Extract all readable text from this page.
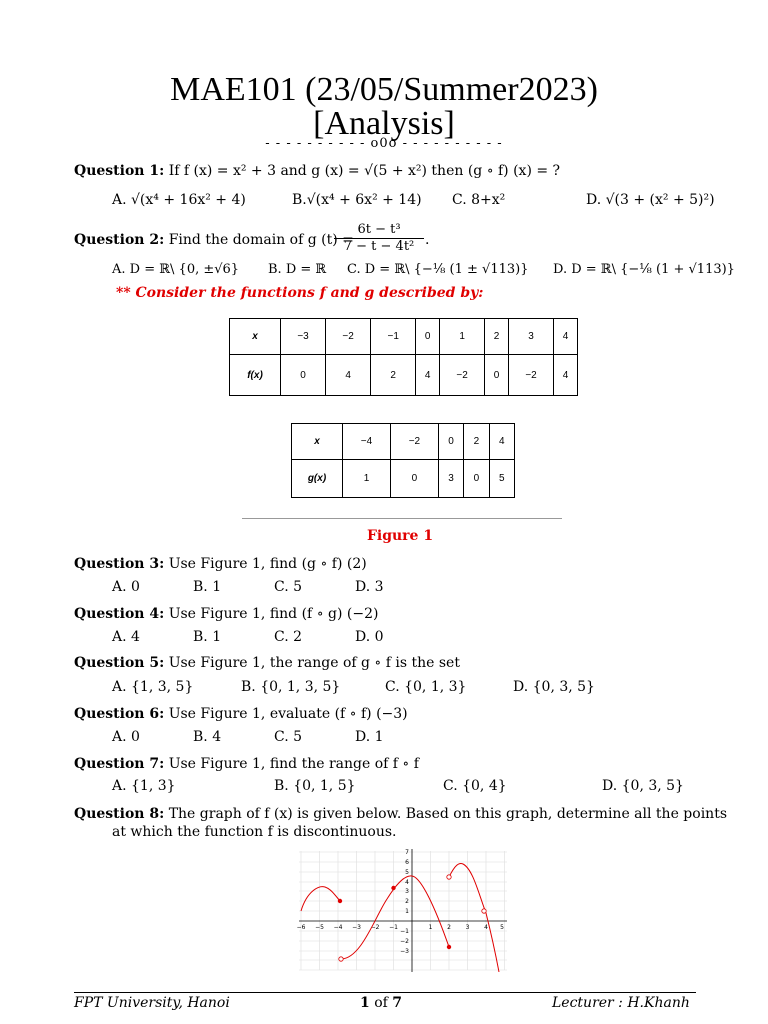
MAE101 (23/05/Summer2023)
[Analysis]
- - - - - - - - - - o0o - - - - - - - - - -
Question 1: If f (x) = x² + 3 and g (x) = √(5 + x²) then (g ∘ f) (x) = ?
A. √(x⁴ + 16x² + 4)	B.√(x⁴ + 6x² + 14) C. 8+x²	D. √(3 + (x² + 5)²)
Question 2: Find the domain of g (t) =
$\frac{\text{6t − t³}}{\text{7 − t − 4t²}}$ .
A. D = ℝ\ {0, ±√6} B. D = ℝ C. D = ℝ\ {−⅛ (1 ± √113)} D. D = ℝ\ {−⅛ (1 + √113)}
** Consider the functions f and g described by:
x	−3	−2	−1	0	1	2	3	4
f(x)	0	4	2	4	−2	0	−2	4
x	−4	−2	0	2	4
g(x)	1	0	3	0	5
Figure 1
Question 3: Use Figure 1, find (g ∘ f) (2)
A. 0	B. 1	C. 5	D. 3
Question 4: Use Figure 1, find (f ∘ g) (−2)
A. 4	B. 1	C. 2	D. 0
Question 5: Use Figure 1, the range of g ∘ f is the set
A. {1, 3, 5}	B. {0, 1, 3, 5}	C. {0, 1, 3}	D. {0, 3, 5}
Question 6: Use Figure 1, evaluate (f ∘ f) (−3)
A. 0	B. 4	C. 5	D. 1
Question 7: Use Figure 1, find the range of f ∘ f
A. {1, 3}	B. {0, 1, 5}	C. {0, 4}	D. {0, 3, 5}
Question 8: The graph of f (x) is given below. Based on this graph, determine all the points
at which the function f is discontinuous.
−6 −5 −4 −3 −2 −1	1 2 3 4 5
7
6
5
4
3
2
1
−1
−2
−3
FPT University, Hanoi	1 of 7	Lecturer : H.Khanh
